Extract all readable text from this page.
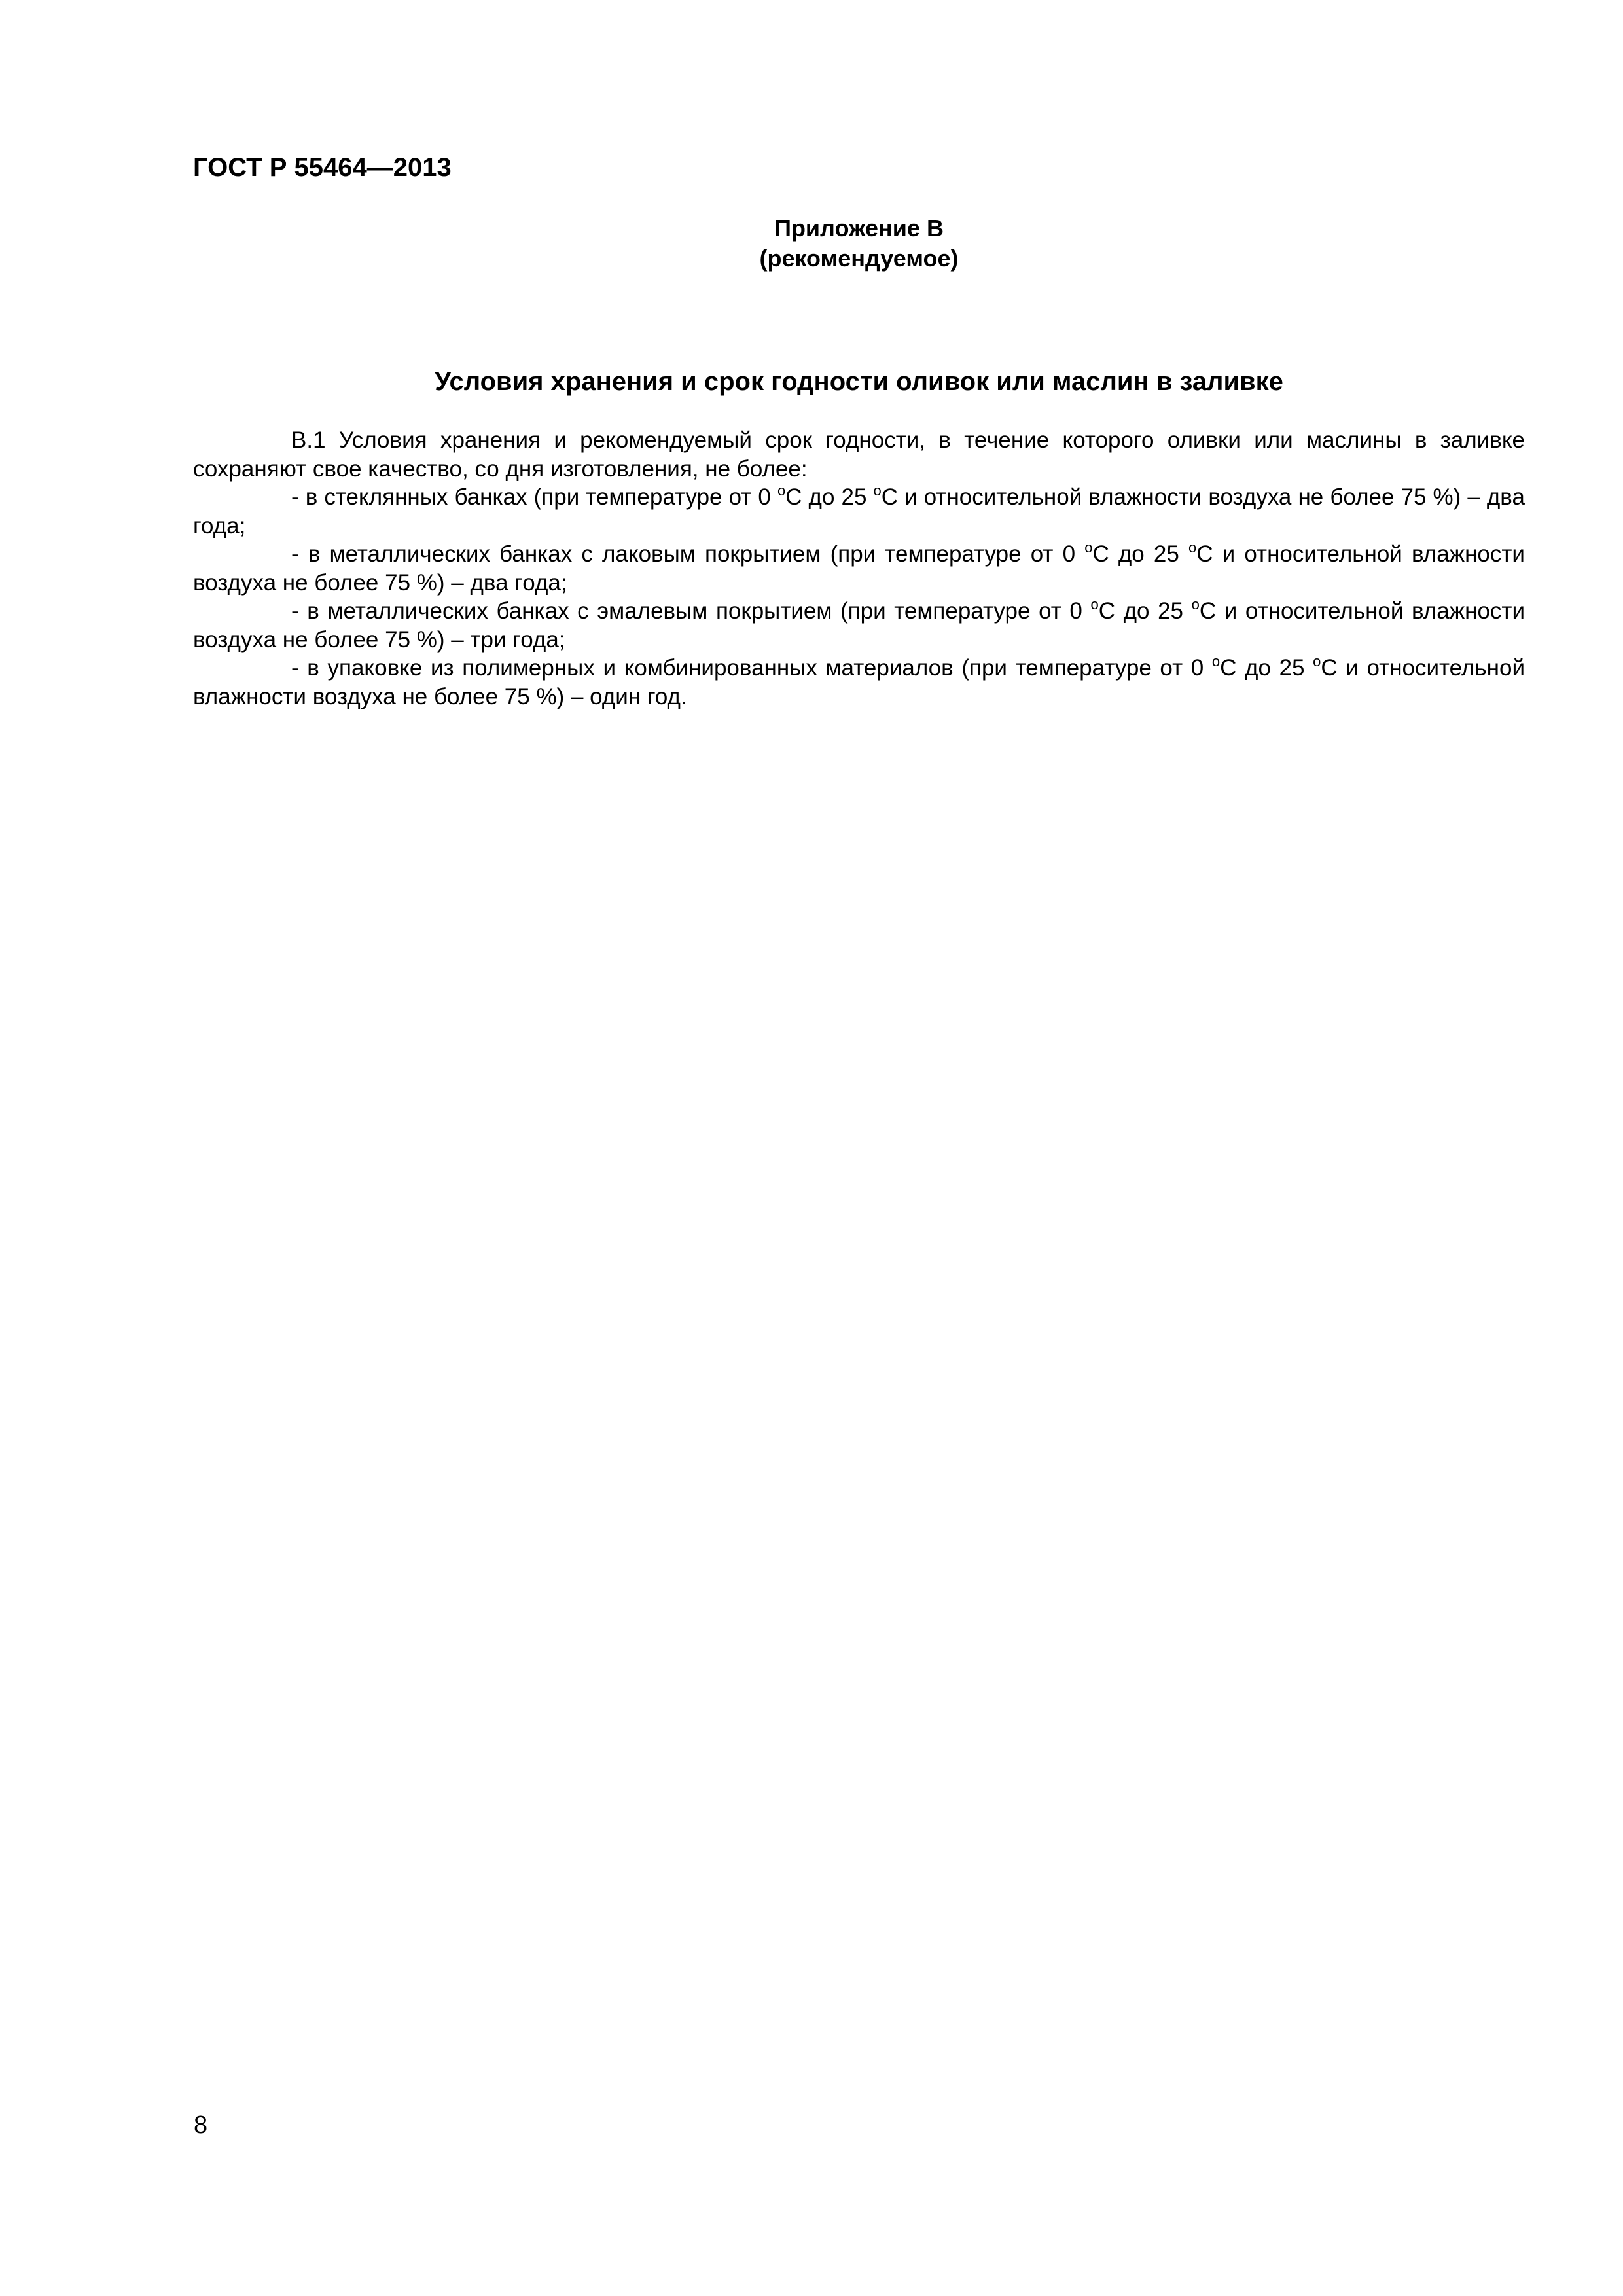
ГОСТ Р 55464—2013
Приложение В
(рекомендуемое)
Условия хранения и срок годности оливок или маслин в заливке

В.1 Условия хранения и рекомендуемый срок годности, в течение которого оливки или маслины в заливке сохраняют свое качество, со дня изготовления, не более:

- в стеклянных банках (при температуре от 0 $^о$С до 25 $^о$С и относительной влажности воздуха не более 75 %) – два года;

- в металлических банках с лаковым покрытием (при температуре от 0 $^о$С до 25 $^о$С и относительной влажности воздуха не более 75 %) – два года;

- в металлических банках с эмалевым покрытием (при температуре от 0 $^о$С до 25 $^о$С и относительной влажности воздуха не более 75 %) – три года;

- в упаковке из полимерных и комбинированных материалов (при температуре от 0 $^о$С до 25 $^о$С и относительной влажности воздуха не более 75 %) – один год.

8
